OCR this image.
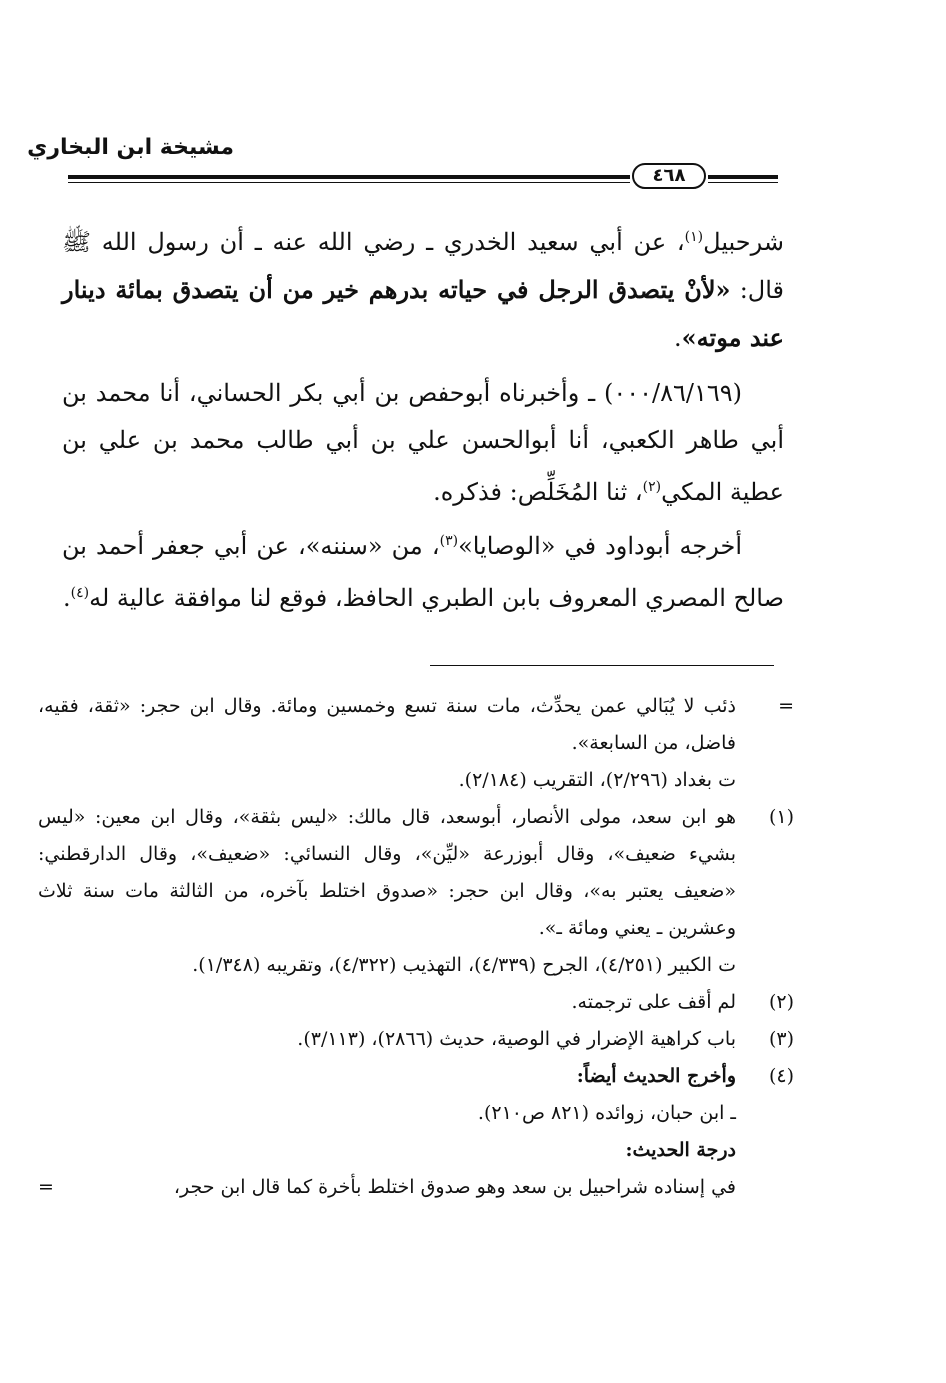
مشيخة ابن البخاري
٤٦٨
شرحبيل$^{(١)}$، عن أبي سعيد الخدري ـ رضي الله عنه ـ أن رسول الله ﷺ قال: «لأنْ يتصدق الرجل في حياته بدرهم خير من أن يتصدق بمائة دينار عند موته».
(٠٠٠/٨٦/١٦٩) ـ وأخبرناه أبوحفص بن أبي بكر الحساني، أنا محمد بن أبي طاهر الكعبي، أنا أبوالحسن علي بن أبي طالب محمد بن علي بن عطية المكي$^{(٢)}$، ثنا المُخَلِّص: فذكره.
أخرجه أبوداود في «الوصايا»$^{(٣)}$، من «سننه»، عن أبي جعفر أحمد بن صالح المصري المعروف بابن الطبري الحافظ، فوقع لنا موافقة عالية له$^{(٤)}$.
=
ذئب لا يُبَالي عمن يحدِّث، مات سنة تسع وخمسين ومائة. وقال ابن حجر: «ثقة، فقيه، فاضل، من السابعة».
ت بغداد (٢/٢٩٦)، التقريب (٢/١٨٤).
(١)
هو ابن سعد، مولى الأنصار، أبوسعد، قال مالك: «ليس بثقة»، وقال ابن معين: «ليس بشيء ضعيف»، وقال أبوزرعة «ليِّن»، وقال النسائي: «ضعيف»، وقال الدارقطني: «ضعيف يعتبر به»، وقال ابن حجر: «صدوق اختلط بآخره، من الثالثة مات سنة ثلاث وعشرين ـ يعني ومائة ـ».
ت الكبير (٤/٢٥١)، الجرح (٤/٣٣٩)، التهذيب (٤/٣٢٢)، وتقريبه (١/٣٤٨).
(٢)
لم أقف على ترجمته.
(٣)
باب كراهية الإضرار في الوصية، حديث (٢٨٦٦)، (٣/١١٣).
(٤)
وأخرج الحديث أيضاً:
ـ ابن حبان، زوائده (٨٢١ ص٢١٠).
درجة الحديث:
في إسناده شراحبيل بن سعد وهو صدوق اختلط بأخرة كما قال ابن حجر،
=
